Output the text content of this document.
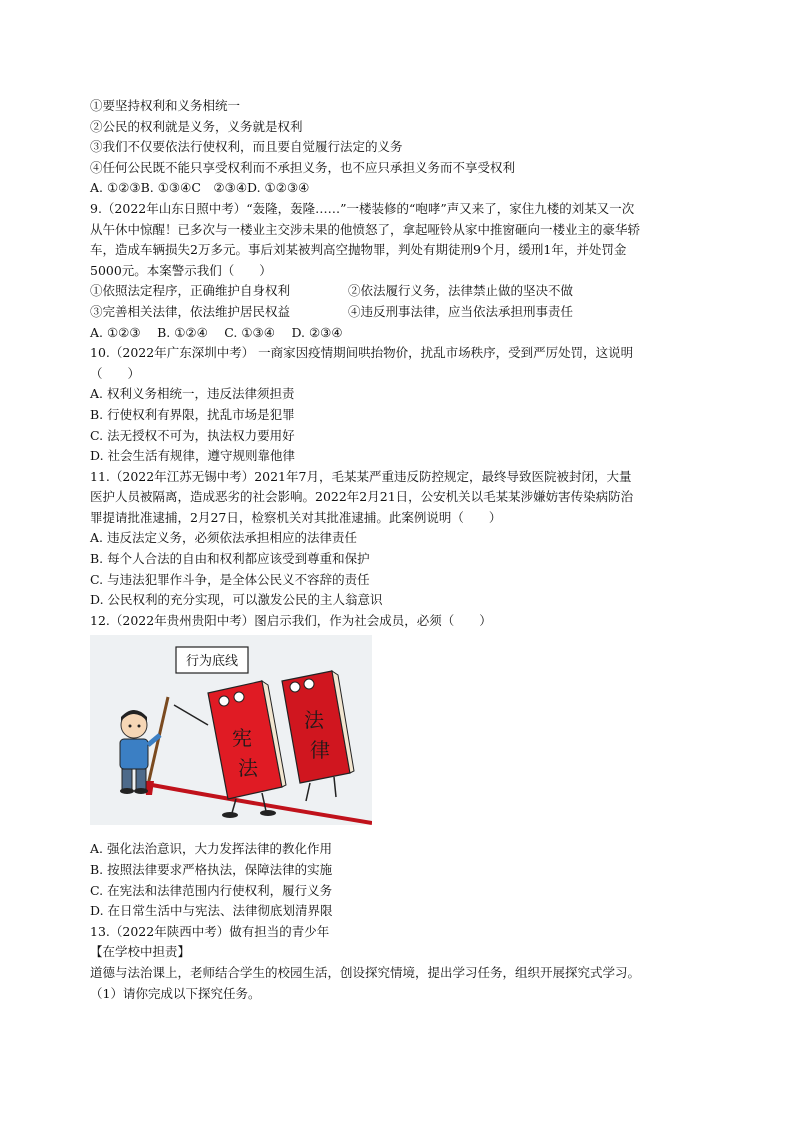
①要坚持权利和义务相统一
②公民的权利就是义务，义务就是权利
③我们不仅要依法行使权利，而且要自觉履行法定的义务
④任何公民既不能只享受权利而不承担义务，也不应只承担义务而不享受权利
A. ①②③B. ①③④C　②③④D. ①②③④
9.（2022年山东日照中考）“轰隆，轰隆……”一楼装修的“咆哮”声又来了，家住九楼的刘某又一次
从午休中惊醒！已多次与一楼业主交涉未果的他愤怒了，拿起哑铃从家中推窗砸向一楼业主的豪华轿
车，造成车辆损失2万多元。事后刘某被判高空抛物罪，判处有期徒刑9个月，缓刑1年，并处罚金
5000元。本案警示我们（　　）
①依照法定程序，正确维护自身权利	②依法履行义务，法律禁止做的坚决不做
③完善相关法律，依法维护居民权益	④违反刑事法律，应当依法承担刑事责任
A. ①②③　 B. ①②④　 C. ①③④　 D. ②③④
10.（2022年广东深圳中考） 一商家因疫情期间哄抬物价，扰乱市场秩序，受到严厉处罚，这说明
（　　）
A. 权利义务相统一，违反法律须担责
B. 行使权利有界限，扰乱市场是犯罪
C. 法无授权不可为，执法权力要用好
D. 社会生活有规律，遵守规则靠他律
11.（2022年江苏无锡中考）2021年7月，毛某某严重违反防控规定，最终导致医院被封闭，大量
医护人员被隔离，造成恶劣的社会影响。2022年2月21日，公安机关以毛某某涉嫌妨害传染病防治
罪提请批准逮捕，2月27日，检察机关对其批准逮捕。此案例说明（　　）
A. 违反法定义务，必须依法承担相应的法律责任
B. 每个人合法的自由和权利都应该受到尊重和保护
C. 与违法犯罪作斗争，是全体公民义不容辞的责任
D. 公民权利的充分实现，可以激发公民的主人翁意识
12.（2022年贵州贵阳中考）图启示我们，作为社会成员，必须（　　）
行为底线
法
律
宪
法
A. 强化法治意识，大力发挥法律的教化作用
B. 按照法律要求严格执法，保障法律的实施
C. 在宪法和法律范围内行使权利，履行义务
D. 在日常生活中与宪法、法律彻底划清界限
13.（2022年陕西中考）做有担当的青少年
【在学校中担责】
道德与法治课上，老师结合学生的校园生活，创设探究情境，提出学习任务，组织开展探究式学习。
（1）请你完成以下探究任务。
